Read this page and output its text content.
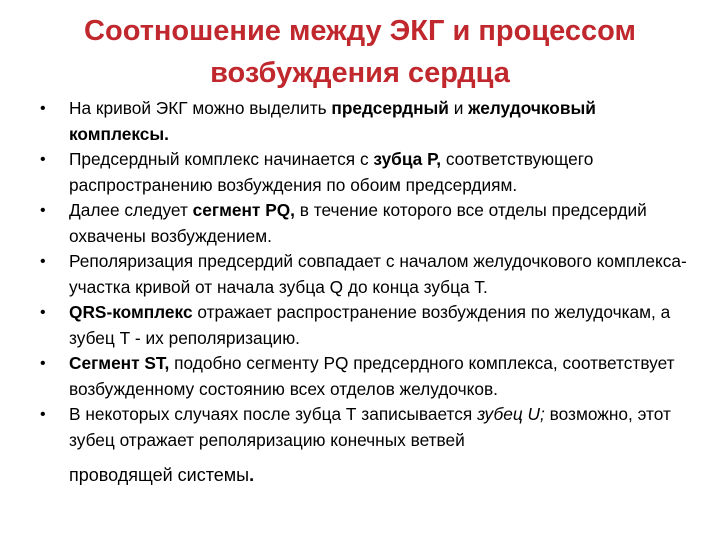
Соотношение между ЭКГ и процессом
возбуждения сердца
•	На кривой ЭКГ можно выделить предсердный и желудочковый комплексы.
•	Предсердный комплекс начинается с зубца Р, соответствующего распространению возбуждения по обоим предсердиям.
•	Далее следует сегмент PQ, в течение которого все отделы предсердий охвачены возбуждением.
•	Реполяризация предсердий совпадает с началом желудочкового комплекса-участка кривой от начала зубца Q до конца зубца Т.
•	QRS-комплекс отражает распространение возбуждения по желудочкам, а зубец Т - их реполяризацию.
•	Сегмент ST, подобно сегменту PQ предсердного комплекса, соответствует возбужденному состоянию всех отделов желудочков.
•	В некоторых случаях после зубца Т записывается зубец U; возможно, этот зубец отражает реполяризацию конечных ветвей
проводящей системы.
